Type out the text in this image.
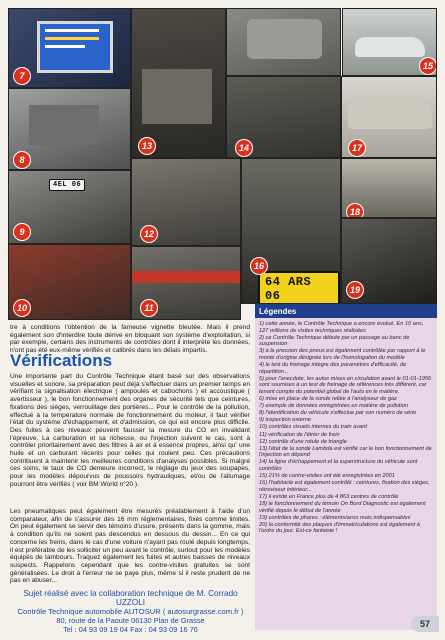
7
15
13	14	17
8
4EL 06
9	12
64 ARS 06
16
18
19
10	11
tre à conditions l'obtention de la fameuse vignette bleutée. Mais il prend également son d'interdire toute dérive en bloquant son système d'exploitation, si par exemple, certains des instruments de contrôles dont il interprète les données, n'ont pas été eux-même vérifiés et calibrés dans les délais impartis.
Vérifications
Une importante part du Contrôle Technique étant basé sur des observations visuelles et sonore, sa préparation peut déjà s'effectuer dans un premier temps en vérifiant la signalisation électrique ( ampoules et cabochons ) et accoustique ( avertisseur ), le bon fonctionnement des organes de sécurité tels que ceintures, fixations des sièges, verrouillage des portières... Pour le contrôle de la pollution, effectué à la température normale de fonctionnement du moteur, il faut vérifier l'état du système d'échappement, et d'admission, ce qui est encore plus difficile. Des fuites à ces niveaux peuvent fausser la mesure du CO en invalidant l'épreuve. La carburation et sa richesse, ou l'injection suivent le cas, sont à contrôler prioritairement avec des filtres à air et à essence propres, ainsi qu' une huile et un carburant récents pour celles qui roulent peu. Ces précautions contribuent à maintenir les meilleures conditions d'analyses possibles. Si malgré ces soins, le taux de CO demeure incorrect, le réglage du jeux des soupapes, pour les modèles dépourvus de poussoirs hydrauliques, et/ou de l'allumage pourront être vérifiés ( voir BM World n°20 ).
Les pneumatiques peut également être mesurés préalablement à l'aide d'un comparateur, afin de s'assurer des 16 mm réglementaires, fixés comme limites. On peut également se servir des témoins d'usure, présents dans la gomme, mais à condition qu'ils ne soient pas descendus en dessous du dessin... En ce qui concerne les freins, dans le cas d'une voiture n'ayant pas roulé depuis longtemps, il est préférable de les solliciter un peu avant le contrôle, surtout pour les modèles équipés de tambours. Traquez également les fuites et autres baisses de niveaux suspects. Rappelons cependant que les contre-visites gratuites se sont généralisées. Le droit à l'erreur ne se paye plus, même si il reste prudent de ne pas en abuser...
Légendes

1) cette année, le Contrôle Technique a encore évolué. En 10 ans, 127 millions de visites techniques réalisées

2) ce Contrôle Technique débute par un passage au banc de suspension

3) à la pression des pneus est également contrôlée par rapport à le monte d'origine désignée lors de l'homologation du modèle

4) le test du freinage intègre des paramètres d'efficacité, de répartition...

5) pour l'anecdote, les autos mises en circulation avant le 01-01-1956 sont soumises à un test de freinage de références très différent, car tenant compte du potentiel global de l'auto en le matière.

6) mise en place de la sonde reliée à l'analyseur de gaz

7) exemple de données enregistrées en matière de pollution

8) l'identification du véhicule s'effectue par son numéro de série

9) inspection externe

10) contrôles visuels internes du train avant

11) vérification de l'étrier de frein

12) contrôle d'une rotule de triangle

13) l'état de la sonde Lambda est vérifié car le bon fonctionnement de l'injection en dépend

14) la ligne d'échappement et la superstructure du véhicule sont contrôlés

15) 21% de contre-visites ont été enregistrées en 2001

16) l'habitacle est également contrôlé : ceintures, fixation des sièges, rétroviseur intérieur...

17) il existe en France plus de 4 863 centres de contrôle

18) le fonctionnement du témoin On Bord Diagnostic est également vérifié depuis le début de l'année

19) contrôles de phares : éléments/anss mais indispensables

20) la conformité des plaques d'immatriculations est également à l'ordre du jour. Est-ce fantaisie !

Sujet réalisé avec la collaboration technique de M. Corrado UZZOLI
Contrôle Technique automobile AUTOSUR ( autosurgrasse.com.fr )
80, route de la Paoute 06130 Plan de Grasse
Tel : 04 93 09 19 04 Fax : 04 93 09 16 76
57
